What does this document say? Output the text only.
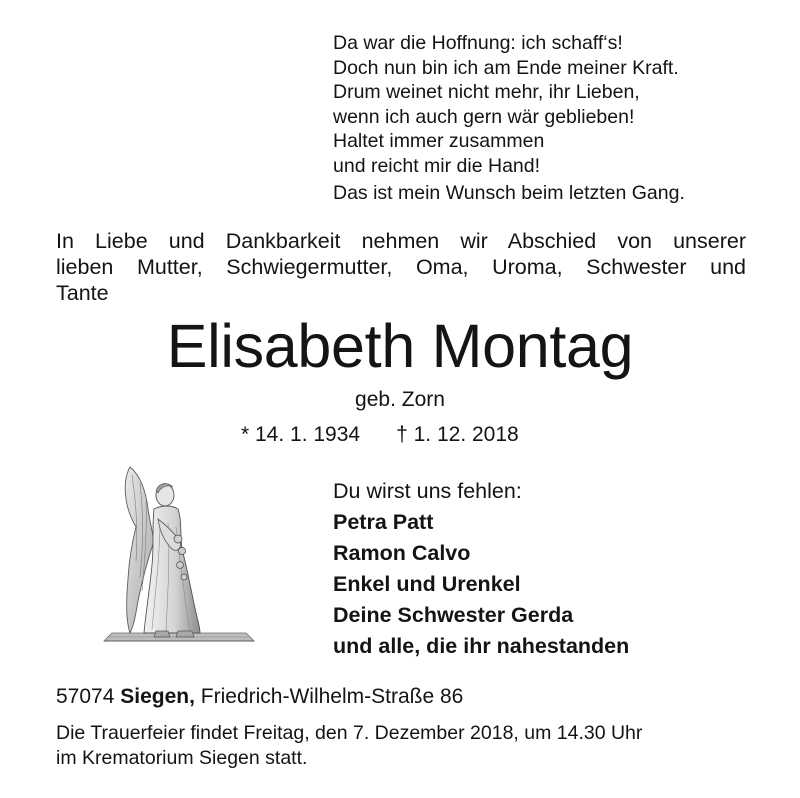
Da war die Hoffnung: ich schaff‘s!
Doch nun bin ich am Ende meiner Kraft.
Drum weinet nicht mehr, ihr Lieben,
wenn ich auch gern wär geblieben!
Haltet immer zusammen
und reicht mir die Hand!
Das ist mein Wunsch beim letzten Gang.
In Liebe und Dankbarkeit nehmen wir Abschied von unserer
lieben Mutter, Schwiegermutter, Oma, Uroma, Schwester und
Tante
Elisabeth Montag
geb. Zorn
* 14. 1. 1934 † 1. 12. 2018
Du wirst uns fehlen:
Petra Patt
Ramon Calvo
Enkel und Urenkel
Deine Schwester Gerda
und alle, die ihr nahestanden
57074 Siegen, Friedrich-Wilhelm-Straße 86
Die Trauerfeier findet Freitag, den 7. Dezember 2018, um 14.30 Uhr
im Krematorium Siegen statt.
